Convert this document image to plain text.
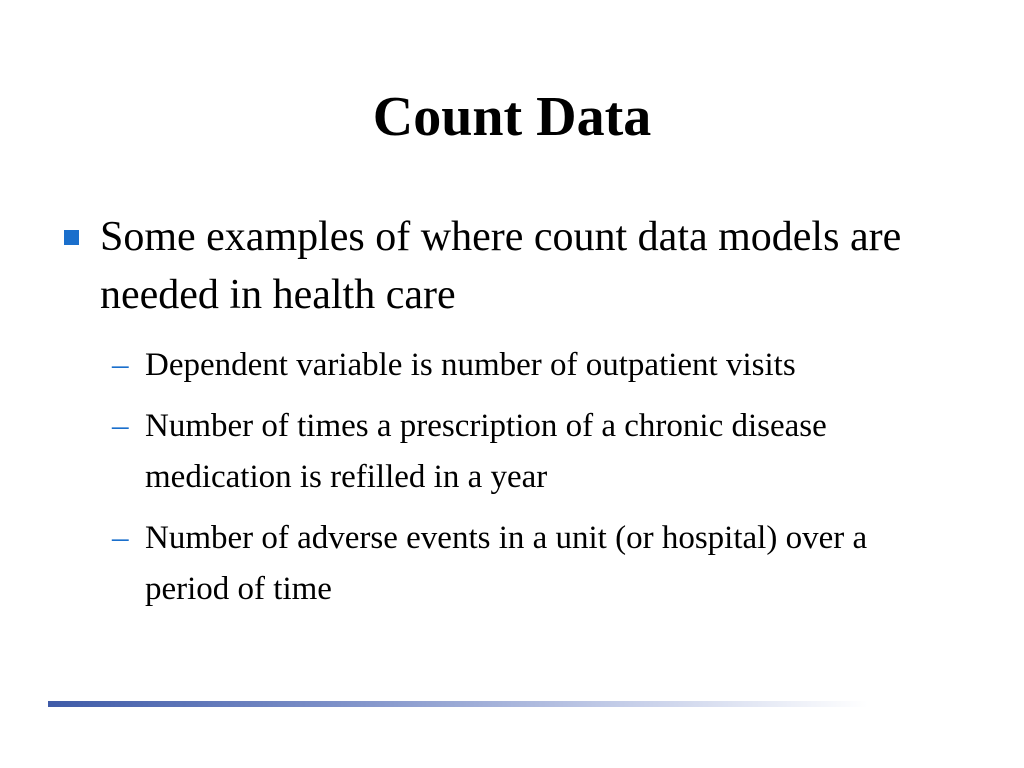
Count Data
Some examples of where count data models are needed in health care
– Dependent variable is number of outpatient visits
– Number of times a prescription of a chronic disease medication is refilled in a year
– Number of adverse events in a unit (or hospital) over a period of time
